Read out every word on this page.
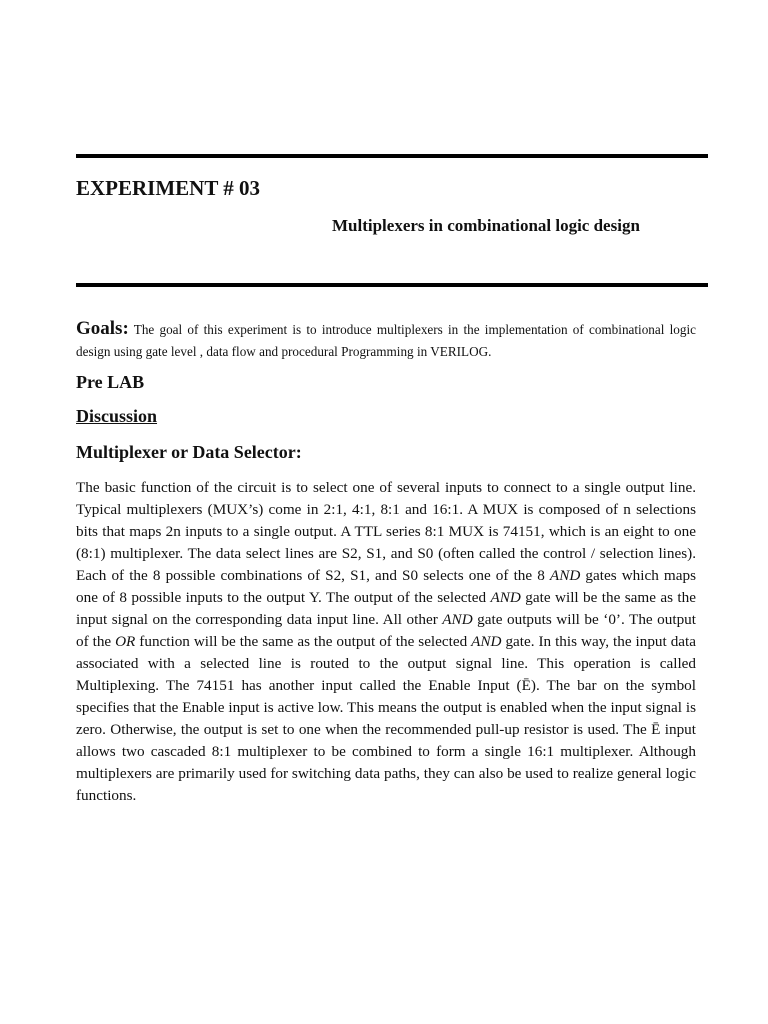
EXPERIMENT # 03
Multiplexers in combinational logic design

Goals: The goal of this experiment is to introduce multiplexers in the implementation of combinational logic design using gate level , data flow and procedural Programming in VERILOG.

Pre LAB
Discussion
Multiplexer or Data Selector:

The basic function of the circuit is to select one of several inputs to connect to a single output line. Typical multiplexers (MUX’s) come in 2:1, 4:1, 8:1 and 16:1. A MUX is composed of n selections bits that maps 2n inputs to a single output. A TTL series 8:1 MUX is 74151, which is an eight to one (8:1) multiplexer. The data select lines are S2, S1, and S0 (often called the control / selection lines). Each of the 8 possible combinations of S2, S1, and S0 selects one of the 8 AND gates which maps one of 8 possible inputs to the output Y. The output of the selected AND gate will be the same as the input signal on the corresponding data input line. All other AND gate outputs will be ‘0’. The output of the OR function will be the same as the output of the selected AND gate. In this way, the input data associated with a selected line is routed to the output signal line. This operation is called Multiplexing. The 74151 has another input called the Enable Input (Ē). The bar on the symbol specifies that the Enable input is active low. This means the output is enabled when the input signal is zero. Otherwise, the output is set to one when the recommended pull-up resistor is used. The Ē input allows two cascaded 8:1 multiplexer to be combined to form a single 16:1 multiplexer. Although multiplexers are primarily used for switching data paths, they can also be used to realize general logic functions.
